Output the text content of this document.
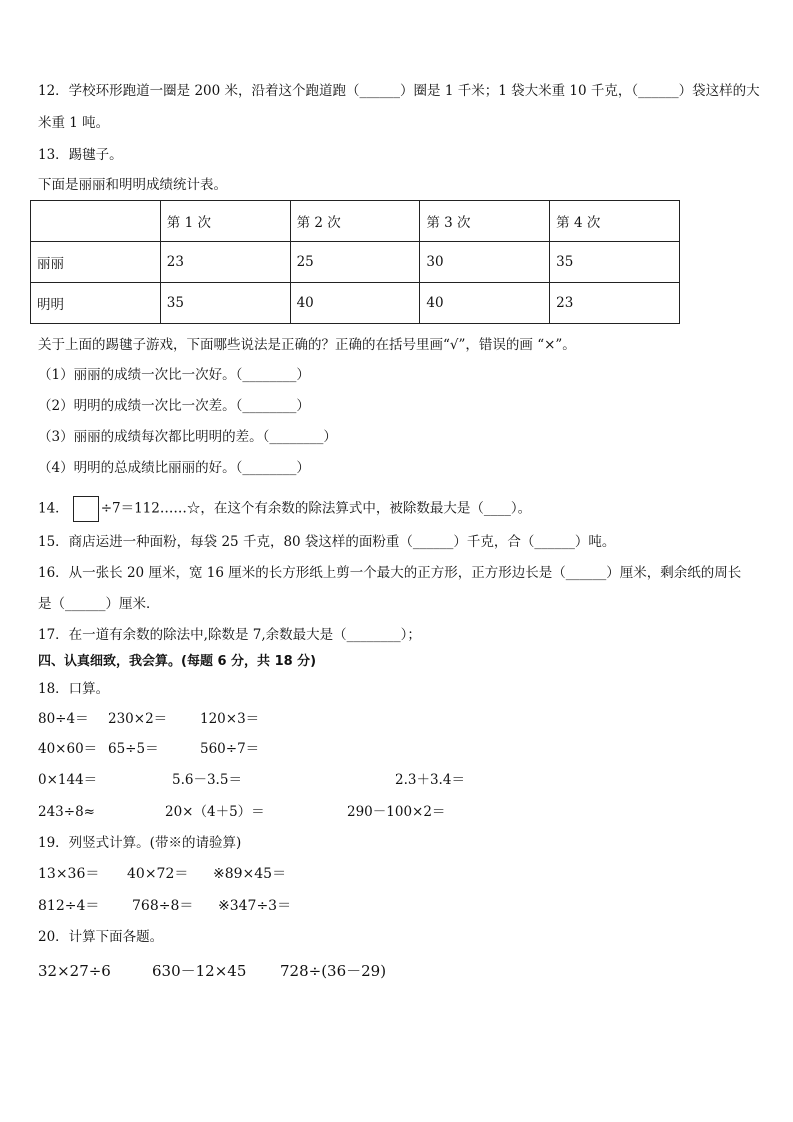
12．学校环形跑道一圈是 200 米，沿着这个跑道跑（______）圈是 1 千米；1 袋大米重 10 千克，（______）袋这样的大
米重 1 吨。
13．踢毽子。
下面是丽丽和明明成绩统计表。
	第 1 次	第 2 次	第 3 次	第 4 次
丽丽	23	25	30	35
明明	35	40	40	23
关于上面的踢毽子游戏，下面哪些说法是正确的？正确的在括号里画“√”，错误的画 “×”。
（1）丽丽的成绩一次比一次好。（________）
（2）明明的成绩一次比一次差。（________）
（3）丽丽的成绩每次都比明明的差。（________）
（4）明明的总成绩比丽丽的好。（________）
14． ÷7＝112……☆，在这个有余数的除法算式中，被除数最大是（____）。
15．商店运进一种面粉，每袋 25 千克，80 袋这样的面粉重（______）千克，合（______）吨。
16．从一张长 20 厘米，宽 16 厘米的长方形纸上剪一个最大的正方形，正方形边长是（______）厘米，剩余纸的周长
是（______）厘米．
17．在一道有余数的除法中,除数是 7,余数最大是（________）；
四、认真细致，我会算。(每题 6 分，共 18 分)
18．口算。
80÷4＝ 230×2＝ 120×3＝
40×60＝ 65÷5＝	560÷7＝
0×144＝	5.6－3.5＝	2.3＋3.4＝
243÷8≈	20×（4＋5）＝	290－100×2＝
19．列竖式计算。(带※的请验算)
13×36＝ 40×72＝ ※89×45＝
812÷4＝ 768÷8＝ ※347÷3＝
20．计算下面各题。
32×27÷6	630－12×45 728÷(36－29)
